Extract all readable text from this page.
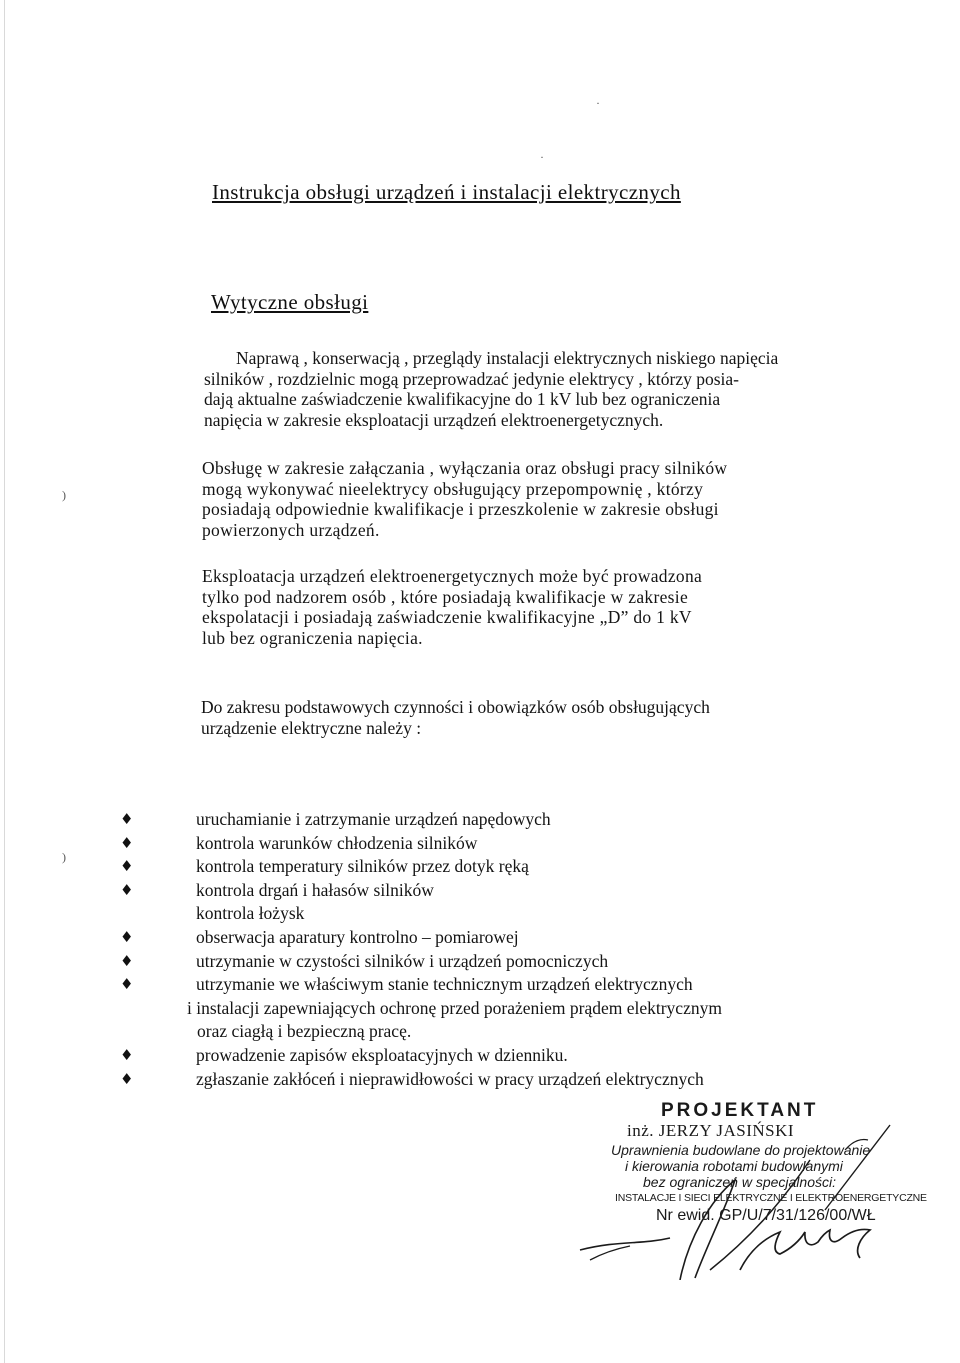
Instrukcja obsługi urządzeń i instalacji elektrycznych
Wytyczne obsługi
Naprawą , konserwacją , przeglądy instalacji elektrycznych niskiego napięcia
silników , rozdzielnic mogą przeprowadzać jedynie elektrycy , którzy posia-
dają aktualne zaświadczenie kwalifikacyjne do 1 kV lub bez ograniczenia
napięcia w zakresie eksploatacji urządzeń elektroenergetycznych.
Obsługę w zakresie załączania , wyłączania oraz obsługi pracy silników
mogą wykonywać nieelektrycy obsługujący przepompownię , którzy
posiadają odpowiednie kwalifikacje i przeszkolenie w zakresie obsługi
powierzonych urządzeń.
Eksploatacja urządzeń elektroenergetycznych może być prowadzona
tylko pod nadzorem osób , które posiadają kwalifikacje w zakresie
ekspolatacji i posiadają zaświadczenie kwalifikacyjne „D” do 1 kV
lub bez ograniczenia napięcia.
Do zakresu podstawowych czynności i obowiązków osób obsługujących
urządzenie elektryczne należy :
♦	uruchamianie i zatrzymanie urządzeń napędowych
♦	kontrola warunków chłodzenia silników
♦	kontrola temperatury silników przez dotyk ręką
♦	kontrola drgań i hałasów silników
kontrola łożysk
♦	obserwacja aparatury kontrolno – pomiarowej
♦	utrzymanie w czystości silników i urządzeń pomocniczych
♦	utrzymanie we właściwym stanie technicznym urządzeń elektrycznych
i instalacji zapewniających ochronę przed porażeniem prądem elektrycznym
oraz ciagłą i bezpieczną pracę.
♦	prowadzenie zapisów eksploatacyjnych w dzienniku.
♦	zgłaszanie zakłóceń i nieprawidłowości w pracy urządzeń elektrycznych
PROJEKTANT
inż. JERZY JASIŃSKI
Uprawnienia budowlane do projektowanie
i kierowania robotami budowlanymi
bez ograniczeń w specjalności:
INSTALACJE I SIECI ELEKTRYCZNE I ELEKTROENERGETYCZNE
Nr ewid. GP/U/7/31/126/00/WŁ
·
·
)
)
